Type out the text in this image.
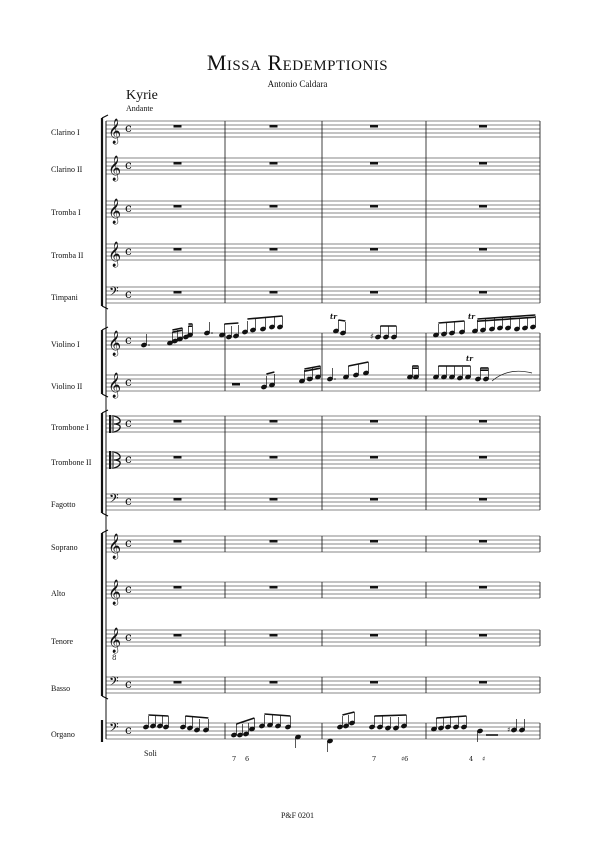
Missa Redemptionis
Antonio Caldara
Kyrie
Andante
Clarino I
Clarino II
Tromba I
Tromba II
Timpani
Violino I
Violino II
Trombone I
Trombone II
Fagotto
Soprano
Alto
Tenore
Basso
Organo
Soli
P&F 0201
𝄞 c
𝄞 c
𝄞 c
𝄞 c
𝄢 c
𝄞 c
𝄞 c
c
c
𝄢 c
𝄞 c
𝄞 c
𝄞
8
c
𝄢 c
𝄢 c
tr
♯
tr
♯
tr
♯
7 6	7	♯6	4 ♯
